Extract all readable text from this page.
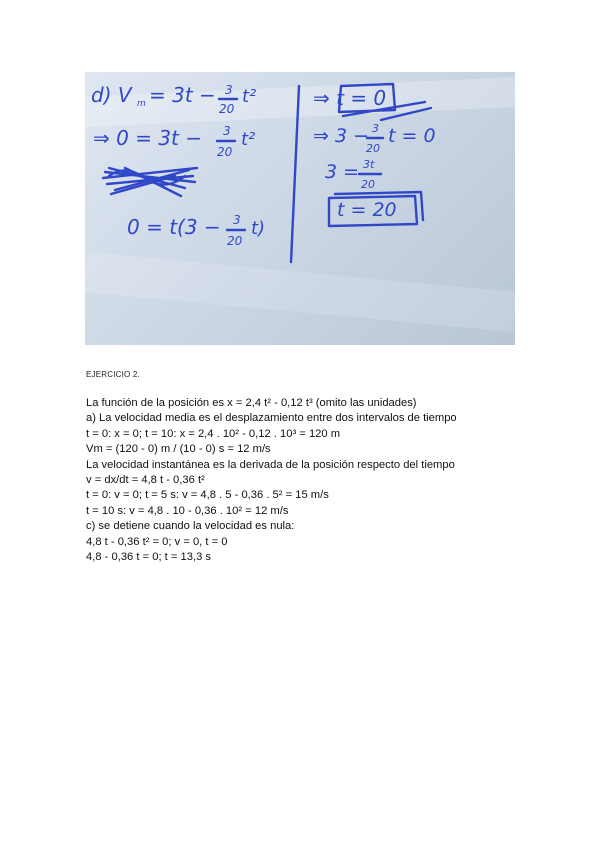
d) V m = 3t − 3
20
t²
⇒ 0 = 3t − 3
20
t²
0 = t(3 − 3
20
t)
⇒ t = 0
⇒ 3 − 3
20
t = 0
3 = 3t
20
t = 20
EJERCICIO 2.
La función de la posición es x = 2,4 t² - 0,12 t³ (omito las unidades)
a) La velocidad media es el desplazamiento entre dos intervalos de tiempo
t = 0: x = 0; t = 10: x = 2,4 . 10² - 0,12 . 10³ = 120 m
Vm = (120 - 0) m / (10 - 0) s = 12 m/s
La velocidad instantánea es la derivada de la posición respecto del tiempo
v = dx/dt = 4,8 t - 0,36 t²
t = 0: v = 0; t = 5 s: v = 4,8 . 5 - 0,36 . 5² = 15 m/s
t = 10 s: v = 4,8 . 10 - 0,36 . 10² = 12 m/s
c) se detiene cuando la velocidad es nula:
4,8 t - 0,36 t² = 0; v = 0, t = 0
4,8 - 0,36 t = 0; t = 13,3 s
